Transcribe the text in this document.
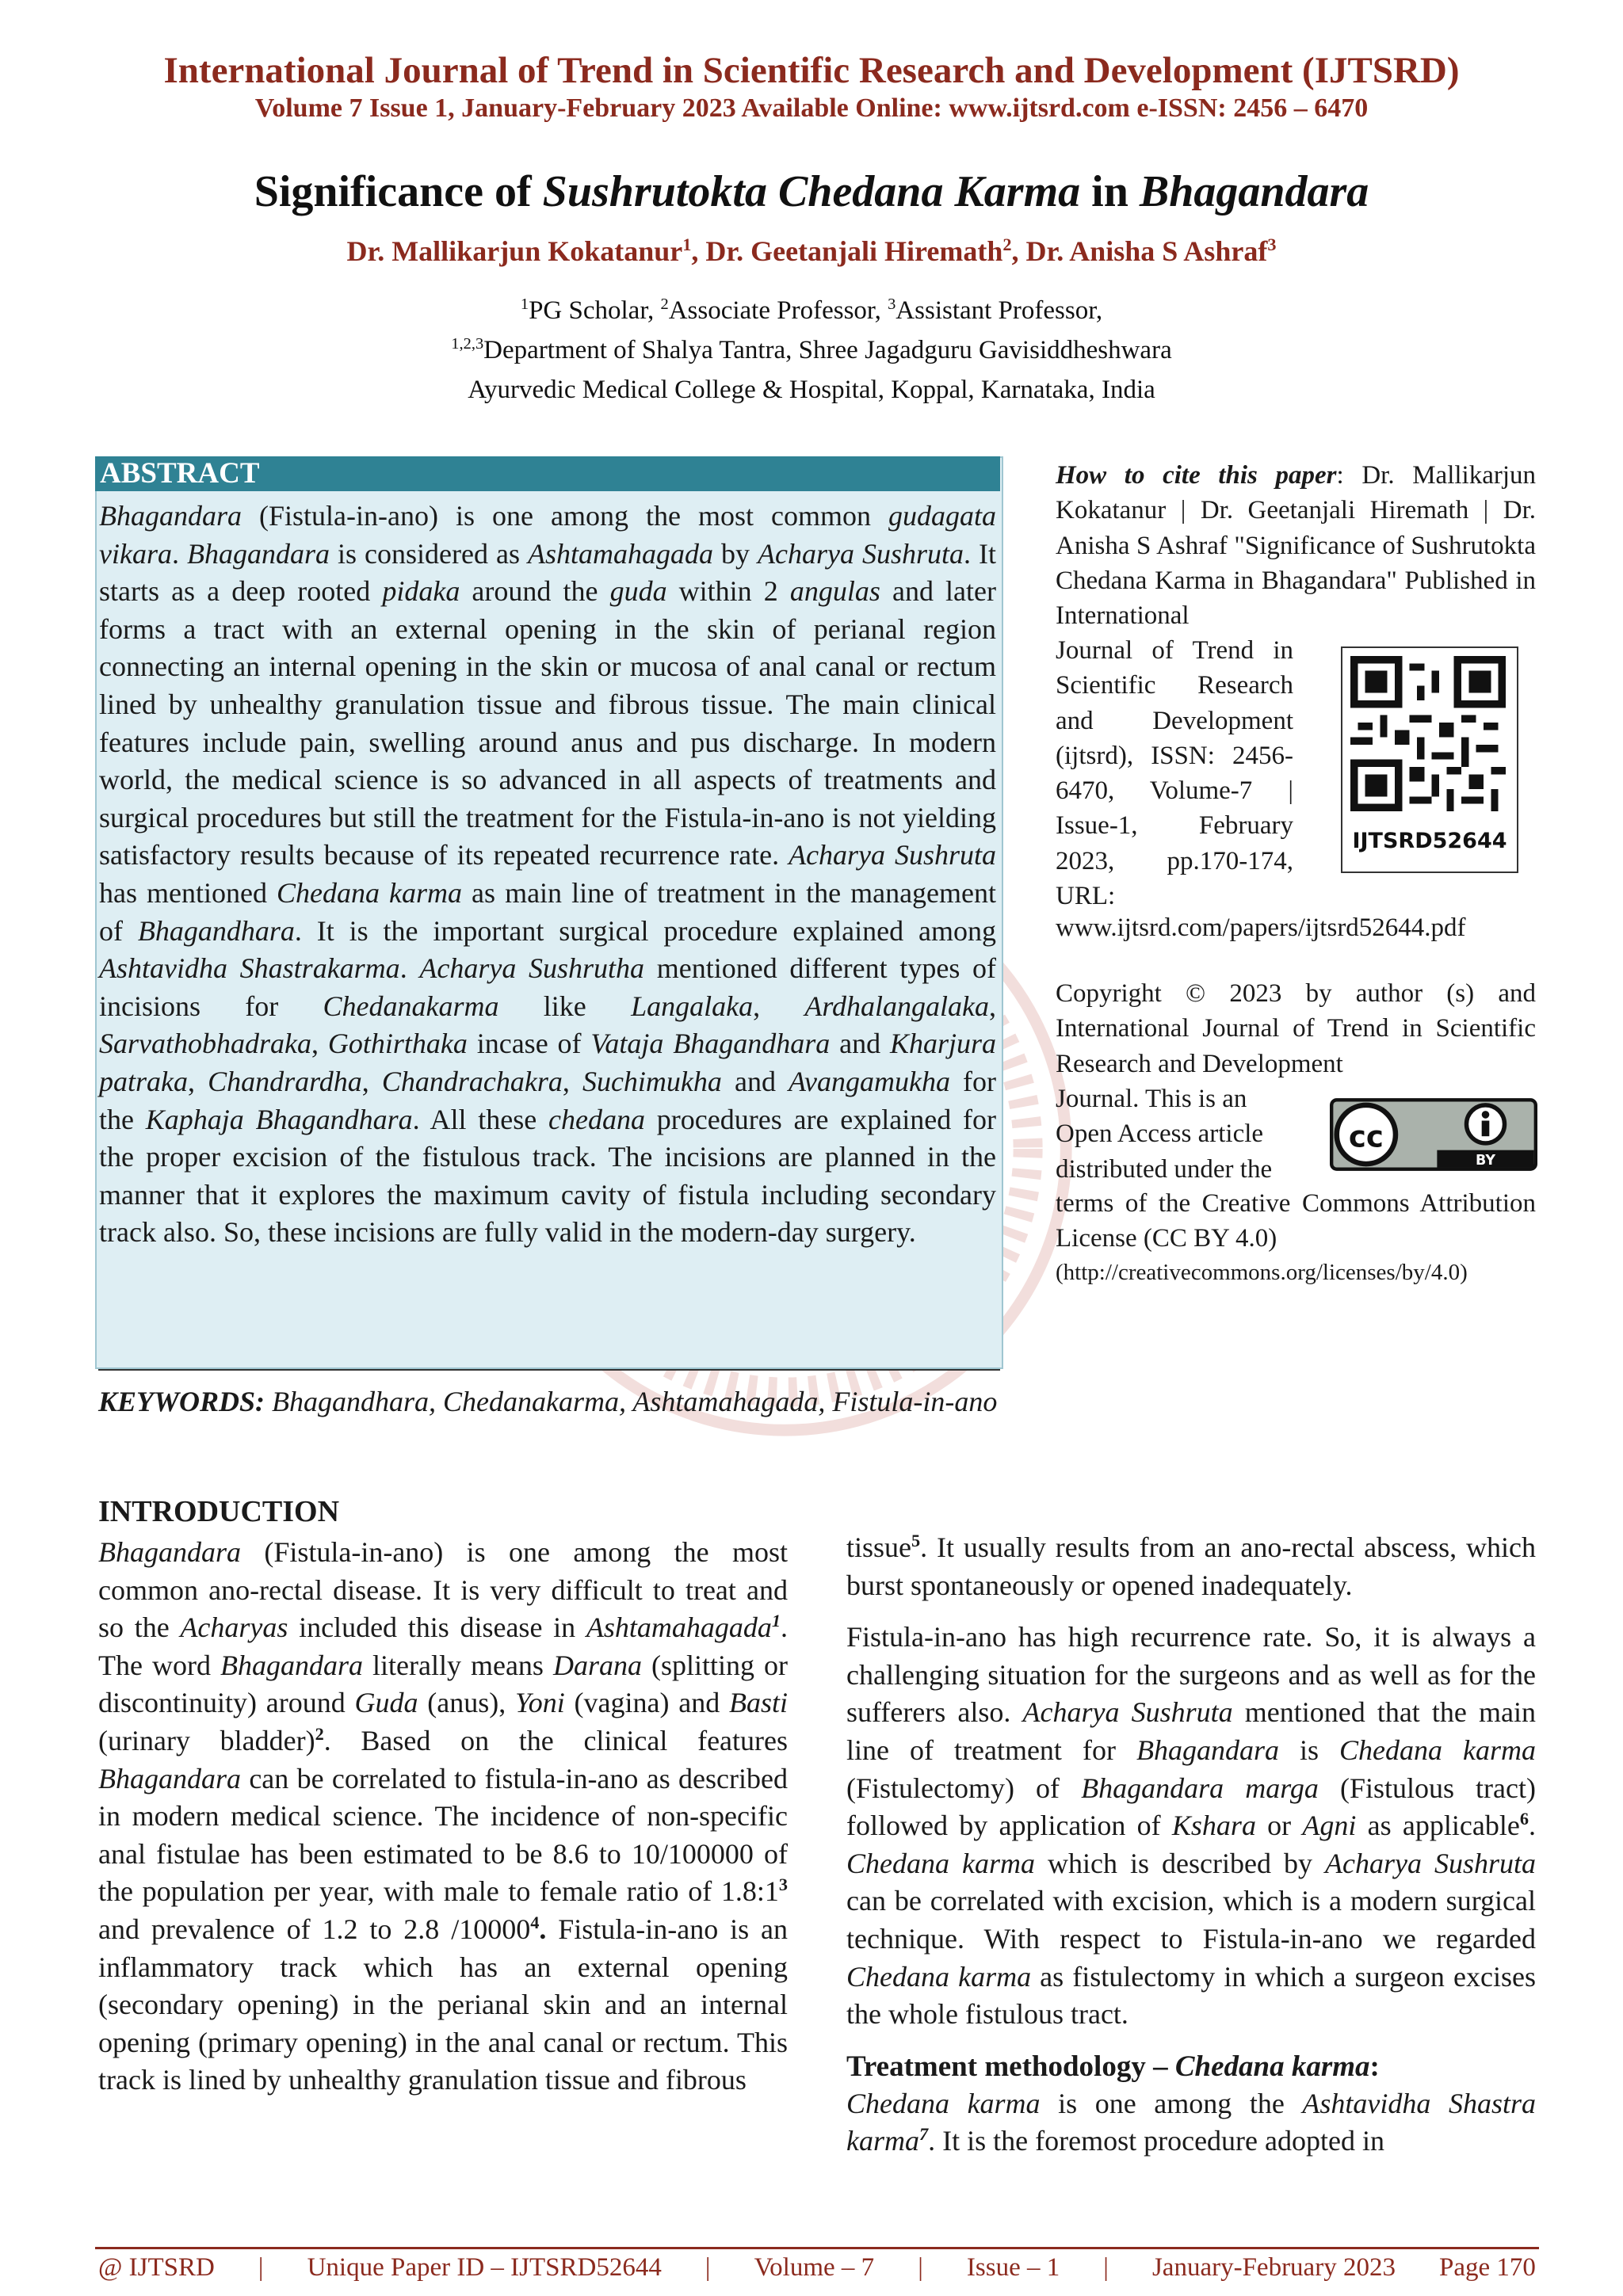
International Journal of Trend in Scientific Research and Development (IJTSRD)
Volume 7 Issue 1, January-February 2023 Available Online: www.ijtsrd.com e-ISSN: 2456 – 6470
Significance of Sushrutokta Chedana Karma in Bhagandara
Dr. Mallikarjun Kokatanur$^1$, Dr. Geetanjali Hiremath$^2$, Dr. Anisha S Ashraf$^3$
$^1$PG Scholar, $^2$Associate Professor, $^3$Assistant Professor,
$^{1,2,3}$Department of Shalya Tantra, Shree Jagadguru Gavisiddheshwara
Ayurvedic Medical College & Hospital, Koppal, Karnataka, India
ABSTRACT
Bhagandara (Fistula-in-ano) is one among the most common gudagata vikara. Bhagandara is considered as Ashtamahagada by Acharya Sushruta. It starts as a deep rooted pidaka around the guda within 2 angulas and later forms a tract with an external opening in the skin of perianal region connecting an internal opening in the skin or mucosa of anal canal or rectum lined by unhealthy granulation tissue and fibrous tissue. The main clinical features include pain, swelling around anus and pus discharge. In modern world, the medical science is so advanced in all aspects of treatments and surgical procedures but still the treatment for the Fistula-in-ano is not yielding satisfactory results because of its repeated recurrence rate. Acharya Sushruta has mentioned Chedana karma as main line of treatment in the management of Bhagandhara. It is the important surgical procedure explained among Ashtavidha Shastrakarma. Acharya Sushrutha mentioned different types of incisions for Chedanakarma like Langalaka, Ardhalangalaka, Sarvathobhadraka, Gothirthaka incase of Vataja Bhagandhara and Kharjura patraka, Chandrardha, Chandrachakra, Suchimukha and Avangamukha for the Kaphaja Bhagandhara. All these chedana procedures are explained for the proper excision of the fistulous track. The incisions are planned in the manner that it explores the maximum cavity of fistula including secondary track also. So, these incisions are fully valid in the modern-day surgery.
KEYWORDS: Bhagandhara, Chedanakarma, Ashtamahagada, Fistula-in-ano
How to cite this paper: Dr. Mallikarjun Kokatanur | Dr. Geetanjali Hiremath | Dr. Anisha S Ashraf "Significance of Sushrutokta Chedana Karma in Bhagandara" Published in International
Journal of Trend in Scientific Research and Development (ijtsrd), ISSN: 2456-6470, Volume-7 | Issue-1, February 2023, pp.170-174, URL:
www.ijtsrd.com/papers/ijtsrd52644.pdf
IJTSRD52644
Copyright © 2023 by author (s) and International Journal of Trend in Scientific Research and Development
Journal. This is an Open Access article distributed under the
cc
BY
terms of the Creative Commons Attribution License (CC BY 4.0)
(http://creativecommons.org/licenses/by/4.0)
INTRODUCTION
Bhagandara (Fistula-in-ano) is one among the most common ano-rectal disease. It is very difficult to treat and so the Acharyas included this disease in Ashtamahagada$^1$. The word Bhagandara literally means Darana (splitting or discontinuity) around Guda (anus), Yoni (vagina) and Basti (urinary bladder)$^2$. Based on the clinical features Bhagandara can be correlated to fistula-in-ano as described in modern medical science. The incidence of non-specific anal fistulae has been estimated to be 8.6 to 10/100000 of the population per year, with male to female ratio of $1.8:1^3$ and prevalence of 1.2 to 2.8 /10000$^4$. Fistula-in-ano is an inflammatory track which has an external opening (secondary opening) in the perianal skin and an internal opening (primary opening) in the anal canal or rectum. This track is lined by unhealthy granulation tissue and fibrous

tissue$^5$. It usually results from an ano-rectal abscess, which burst spontaneously or opened inadequately.

Fistula-in-ano has high recurrence rate. So, it is always a challenging situation for the surgeons and as well as for the sufferers also. Acharya Sushruta mentioned that the main line of treatment for Bhagandara is Chedana karma (Fistulectomy) of Bhagandara marga (Fistulous tract) followed by application of Kshara or Agni as applicable$^6$. Chedana karma which is described by Acharya Sushruta can be correlated with excision, which is a modern surgical technique. With respect to Fistula-in-ano we regarded Chedana karma as fistulectomy in which a surgeon excises the whole fistulous tract.

Treatment methodology – Chedana karma:

Chedana karma is one among the Ashtavidha Shastra karma$^7$. It is the foremost procedure adopted in

@ IJTSRD | Unique Paper ID – IJTSRD52644 | Volume – 7 | Issue – 1 | January-February 2023 Page 170
